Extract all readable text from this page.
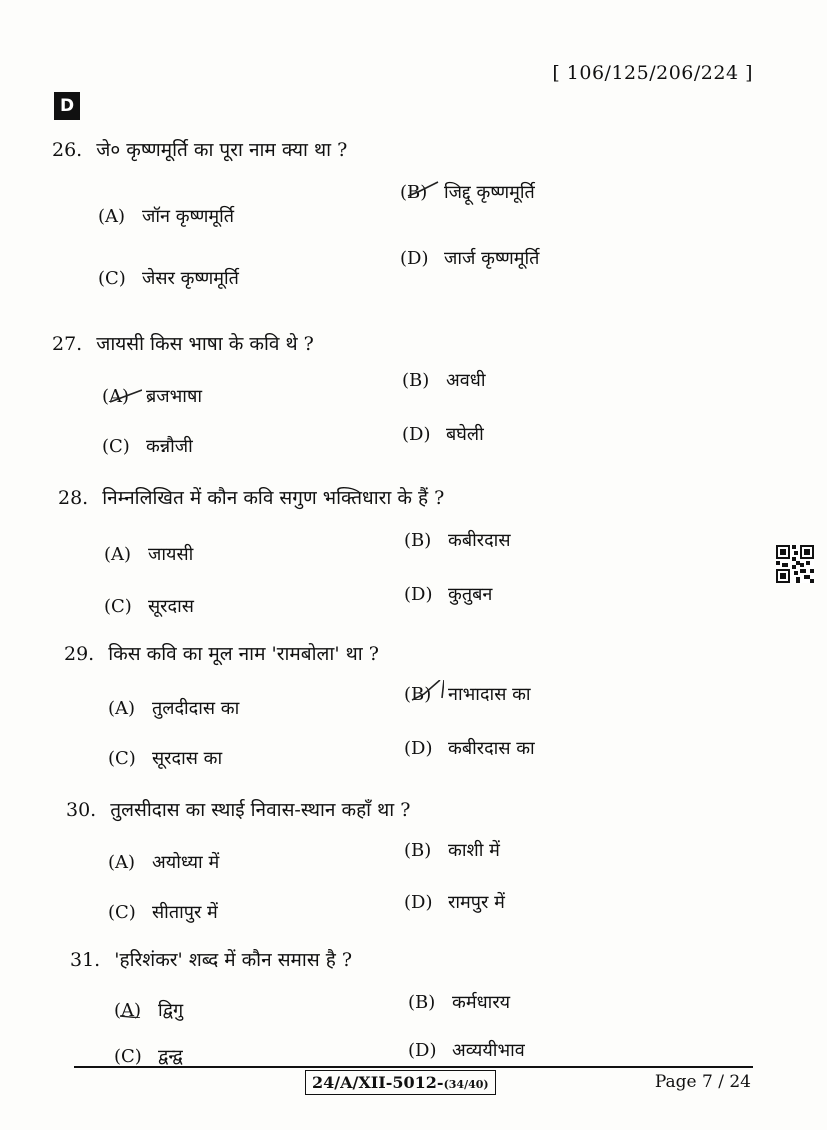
[ 106/125/206/224 ]
D
26. जे० कृष्णमूर्ति का पूरा नाम क्या था ?
(A) जॉन कृष्णमूर्ति
(B) जिद्दू कृष्णमूर्ति
(C) जेसर कृष्णमूर्ति
(D) जार्ज कृष्णमूर्ति
27. जायसी किस भाषा के कवि थे ?
(A) ब्रजभाषा
(B) अवधी
(C) कन्नौजी
(D) बघेली
28. निम्नलिखित में कौन कवि सगुण भक्तिधारा के हैं ?
(A) जायसी
(B) कबीरदास
(C) सूरदास
(D) कुतुबन
29. किस कवि का मूल नाम 'रामबोला' था ?
(A) तुलदीदास का
(B) नाभादास का
(C) सूरदास का	(D) कबीरदास का
30. तुलसीदास का स्थाई निवास-स्थान कहाँ था ?
(A) अयोध्या में
(B) काशी में
(C) सीतापुर में	(D) रामपुर में
31. 'हरिशंकर' शब्द में कौन समास है ?
(A) द्विगु	(B) कर्मधारय
(C) द्वन्द्व	(D) अव्ययीभाव
24/A/XII-5012-(34/40)	Page 7 / 24
